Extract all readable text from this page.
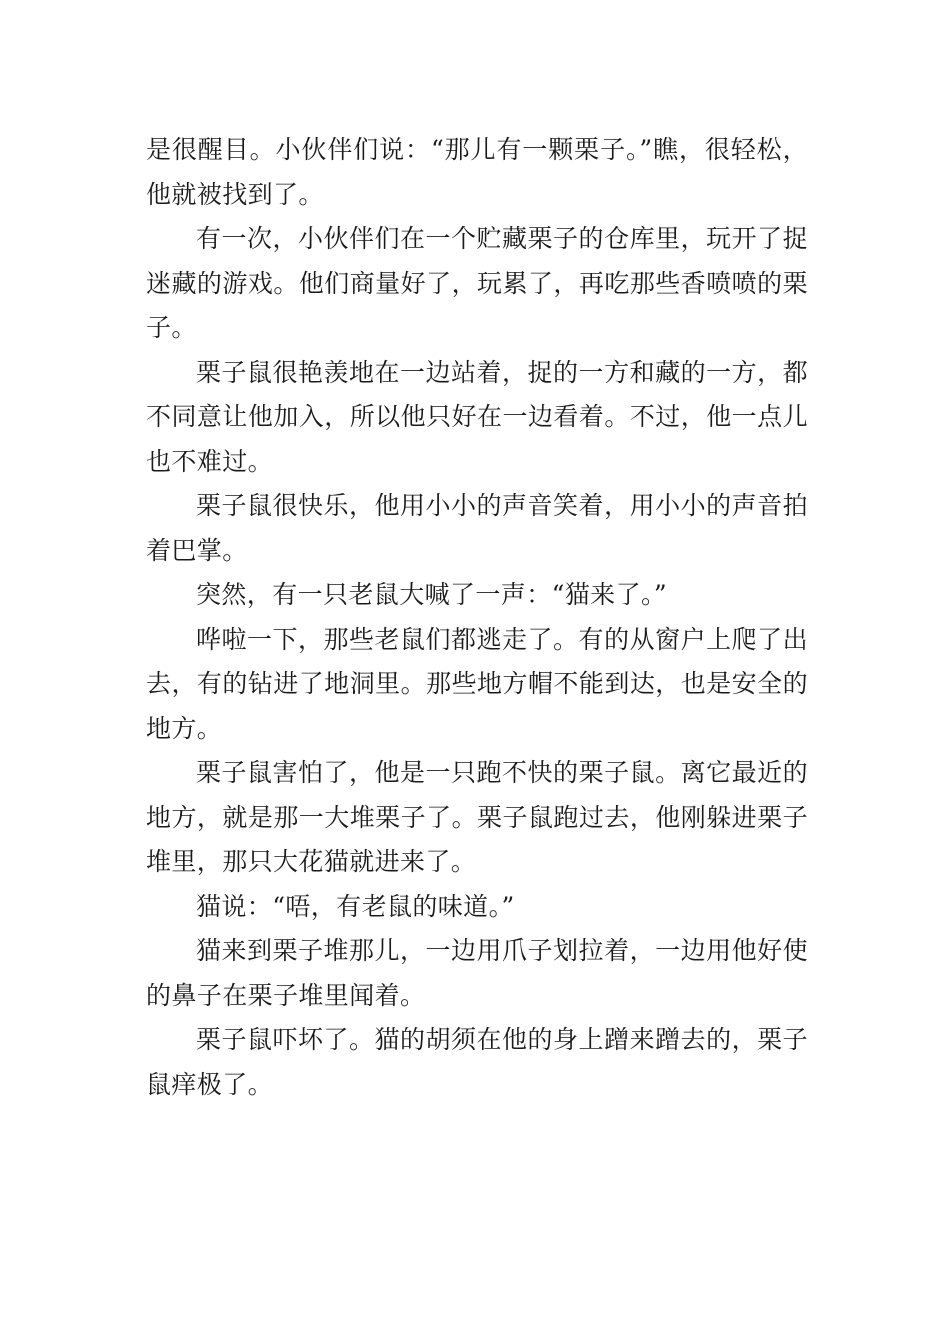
是很醒目。小伙伴们说：“那儿有一颗栗子。”瞧，很轻松，他就被找到了。

有一次，小伙伴们在一个贮藏栗子的仓库里，玩开了捉迷藏的游戏。他们商量好了，玩累了，再吃那些香喷喷的栗子。

栗子鼠很艳羡地在一边站着，捉的一方和藏的一方，都不同意让他加入，所以他只好在一边看着。不过，他一点儿也不难过。

栗子鼠很快乐，他用小小的声音笑着，用小小的声音拍着巴掌。

突然，有一只老鼠大喊了一声：“猫来了。”

哗啦一下，那些老鼠们都逃走了。有的从窗户上爬了出去，有的钻进了地洞里。那些地方帽不能到达，也是安全的地方。

栗子鼠害怕了，他是一只跑不快的栗子鼠。离它最近的地方，就是那一大堆栗子了。栗子鼠跑过去，他刚躲进栗子堆里，那只大花猫就进来了。

猫说：“唔，有老鼠的味道。”

猫来到栗子堆那儿，一边用爪子划拉着，一边用他好使的鼻子在栗子堆里闻着。

栗子鼠吓坏了。猫的胡须在他的身上蹭来蹭去的，栗子鼠痒极了。
